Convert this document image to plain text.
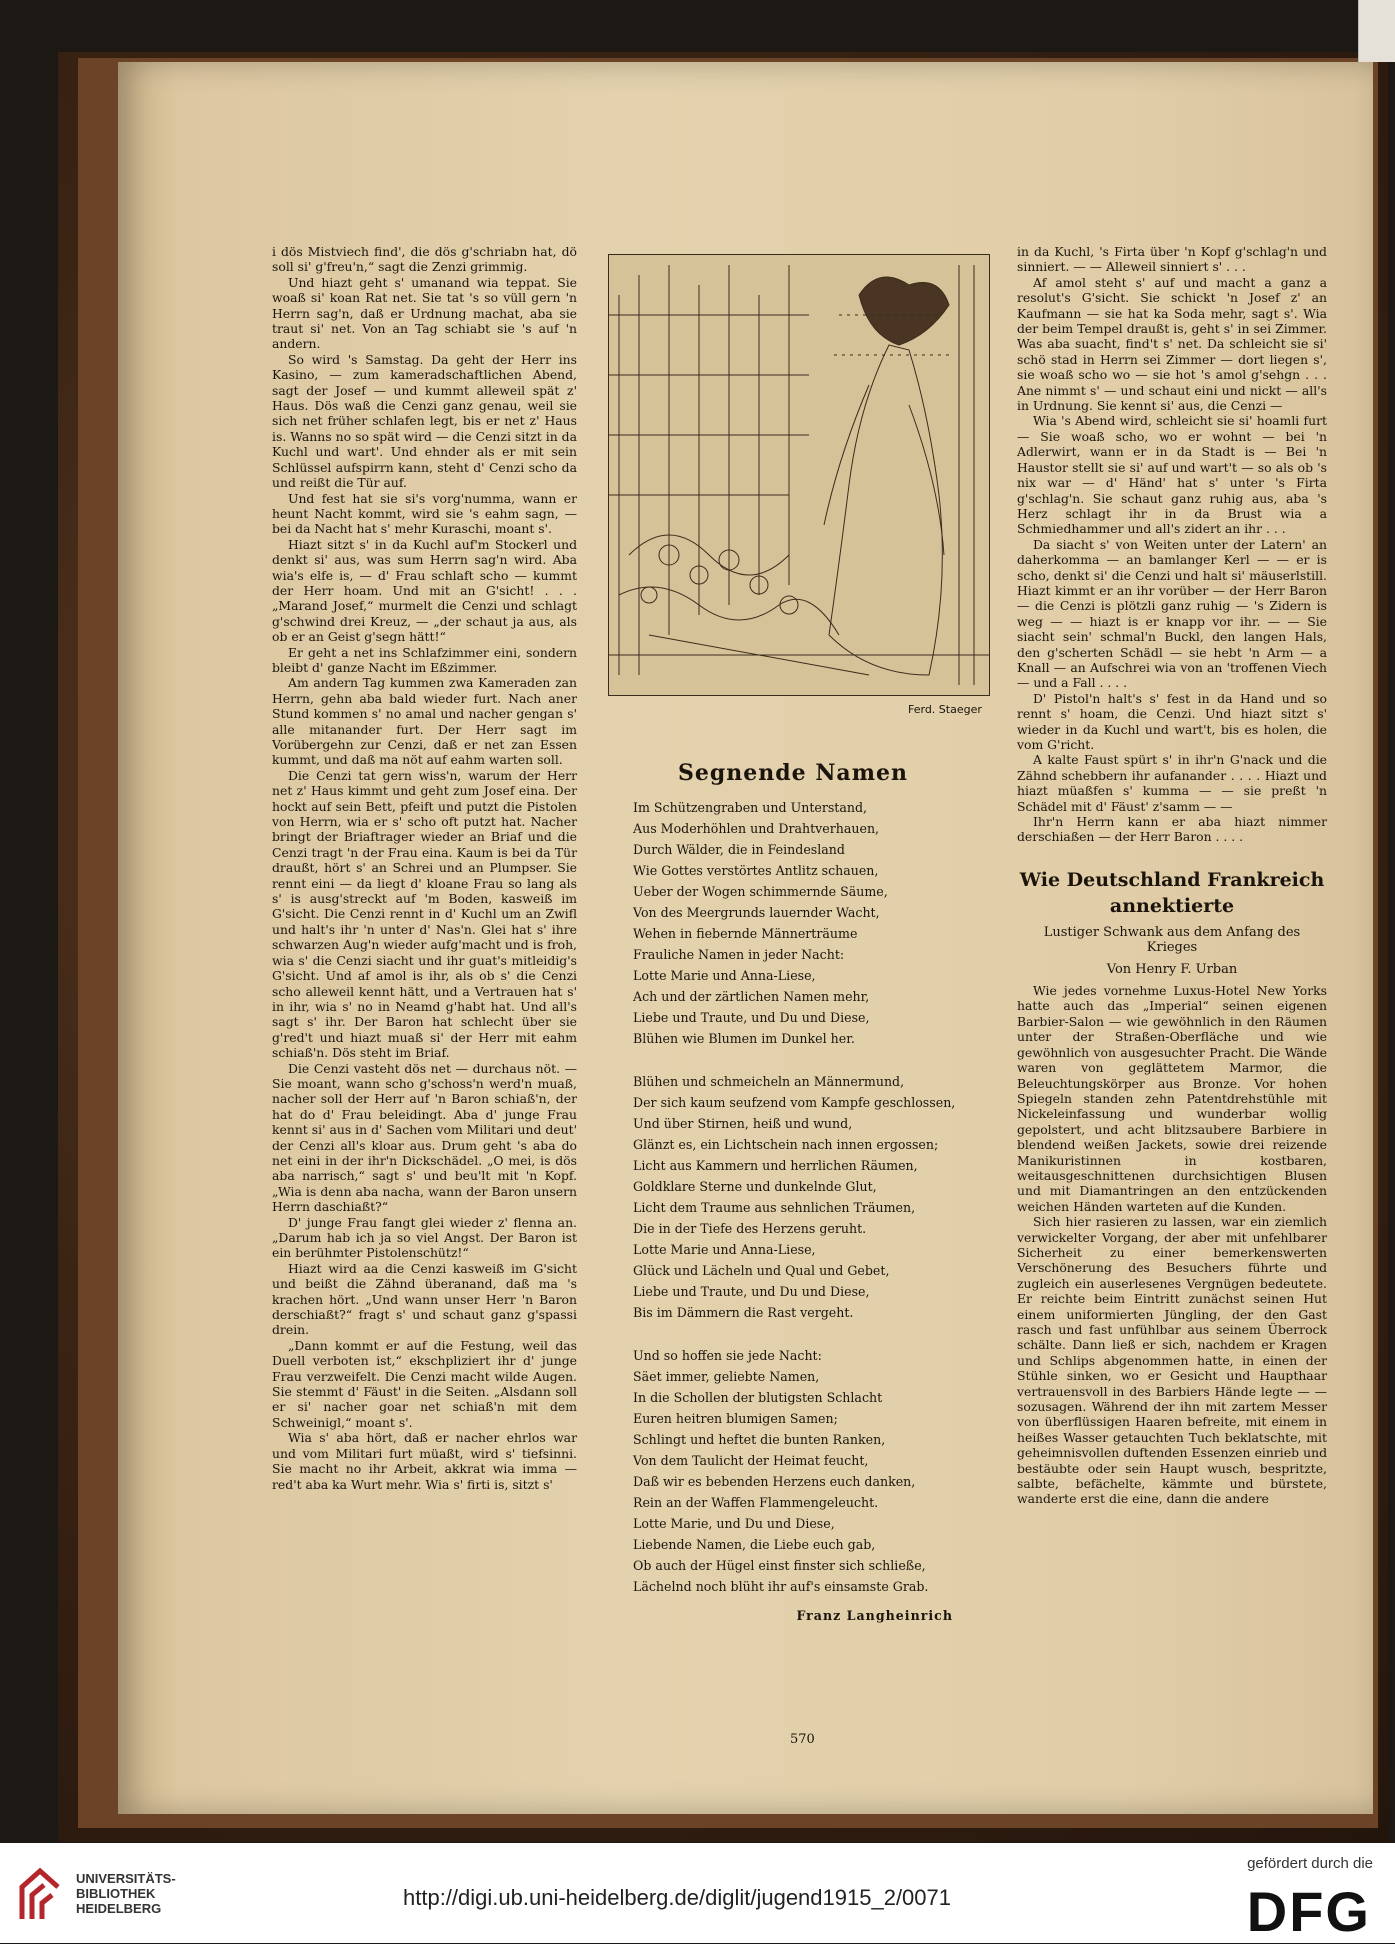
i dös Mistviech find', die dös g'schriabn hat, dö soll si' g'freu'n,“ sagt die Zenzi grimmig.

Und hiazt geht s' umanand wia teppat. Sie woaß si' koan Rat net. Sie tat 's so vüll gern 'n Herrn sag'n, daß er Urdnung machat, aba sie traut si' net. Von an Tag schiabt sie 's auf 'n andern.

So wird 's Samstag. Da geht der Herr ins Kasino, — zum kameradschaftlichen Abend, sagt der Josef — und kummt alleweil spät z' Haus. Dös waß die Cenzi ganz genau, weil sie sich net früher schlafen legt, bis er net z' Haus is. Wanns no so spät wird — die Cenzi sitzt in da Kuchl und wart'. Und ehnder als er mit sein Schlüssel aufspirrn kann, steht d' Cenzi scho da und reißt die Tür auf.

Und fest hat sie si's vorg'numma, wann er heunt Nacht kommt, wird sie 's eahm sagn, — bei da Nacht hat s' mehr Kuraschi, moant s'.

Hiazt sitzt s' in da Kuchl auf'm Stockerl und denkt si' aus, was sum Herrn sag'n wird. Aba wia's elfe is, — d' Frau schlaft scho — kummt der Herr hoam. Und mit an G'sicht! . . . „Marand Josef,“ murmelt die Cenzi und schlagt g'schwind drei Kreuz, — „der schaut ja aus, als ob er an Geist g'segn hätt!“

Er geht a net ins Schlafzimmer eini, sondern bleibt d' ganze Nacht im Eßzimmer.

Am andern Tag kummen zwa Kameraden zan Herrn, gehn aba bald wieder furt. Nach aner Stund kommen s' no amal und nacher gengan s' alle mitanander furt. Der Herr sagt im Vorübergehn zur Cenzi, daß er net zan Essen kummt, und daß ma nöt auf eahm warten soll.

Die Cenzi tat gern wiss'n, warum der Herr net z' Haus kimmt und geht zum Josef eina. Der hockt auf sein Bett, pfeift und putzt die Pistolen von Herrn, wia er s' scho oft putzt hat. Nacher bringt der Briaftrager wieder an Briaf und die Cenzi tragt 'n der Frau eina. Kaum is bei da Tür draußt, hört s' an Schrei und an Plumpser. Sie rennt eini — da liegt d' kloane Frau so lang als s' is ausg'streckt auf 'm Boden, kasweiß im G'sicht. Die Cenzi rennt in d' Kuchl um an Zwifl und halt's ihr 'n unter d' Nas'n. Glei hat s' ihre schwarzen Aug'n wieder aufg'macht und is froh, wia s' die Cenzi siacht und ihr guat's mitleidig's G'sicht. Und af amol is ihr, als ob s' die Cenzi scho alleweil kennt hätt, und a Vertrauen hat s' in ihr, wia s' no in Neamd g'habt hat. Und all's sagt s' ihr. Der Baron hat schlecht über sie g'red't und hiazt muaß si' der Herr mit eahm schiaß'n. Dös steht im Briaf.

Die Cenzi vasteht dös net — durchaus nöt. — Sie moant, wann scho g'schoss'n werd'n muaß, nacher soll der Herr auf 'n Baron schiaß'n, der hat do d' Frau beleidingt. Aba d' junge Frau kennt si' aus in d' Sachen vom Militari und deut' der Cenzi all's kloar aus. Drum geht 's aba do net eini in der ihr'n Dickschädel. „O mei, is dös aba narrisch,“ sagt s' und beu'lt mit 'n Kopf. „Wia is denn aba nacha, wann der Baron unsern Herrn daschiaßt?“

D' junge Frau fangt glei wieder z' flenna an. „Darum hab ich ja so viel Angst. Der Baron ist ein berühmter Pistolenschütz!“

Hiazt wird aa die Cenzi kasweiß im G'sicht und beißt die Zähnd überanand, daß ma 's krachen hört. „Und wann unser Herr 'n Baron derschiaßt?“ fragt s' und schaut ganz g'spassi drein.

„Dann kommt er auf die Festung, weil das Duell verboten ist,“ ekschpliziert ihr d' junge Frau verzweifelt. Die Cenzi macht wilde Augen. Sie stemmt d' Fäust' in die Seiten. „Alsdann soll er si' nacher goar net schiaß'n mit dem Schweinigl,“ moant s'.

Wia s' aba hört, daß er nacher ehrlos war und vom Militari furt müaßt, wird s' tiefsinni. Sie macht no ihr Arbeit, akkrat wia imma — red't aba ka Wurt mehr. Wia s' firti is, sitzt s'

Ferd. Staeger
Segnende Namen
Im Schützengraben und Unterstand,
Aus Moderhöhlen und Drahtverhauen,
Durch Wälder, die in Feindesland
Wie Gottes verstörtes Antlitz schauen,
Ueber der Wogen schimmernde Säume,
Von des Meergrunds lauernder Wacht,
Wehen in fiebernde Männerträume
Frauliche Namen in jeder Nacht:
Lotte Marie und Anna-Liese,
Ach und der zärtlichen Namen mehr,
Liebe und Traute, und Du und Diese,
Blühen wie Blumen im Dunkel her.
Blühen und schmeicheln an Männermund,
Der sich kaum seufzend vom Kampfe geschlossen,
Und über Stirnen, heiß und wund,
Glänzt es, ein Lichtschein nach innen ergossen;
Licht aus Kammern und herrlichen Räumen,
Goldklare Sterne und dunkelnde Glut,
Licht dem Traume aus sehnlichen Träumen,
Die in der Tiefe des Herzens geruht.
Lotte Marie und Anna-Liese,
Glück und Lächeln und Qual und Gebet,
Liebe und Traute, und Du und Diese,
Bis im Dämmern die Rast vergeht.
Und so hoffen sie jede Nacht:
Säet immer, geliebte Namen,
In die Schollen der blutigsten Schlacht
Euren heitren blumigen Samen;
Schlingt und heftet die bunten Ranken,
Von dem Taulicht der Heimat feucht,
Daß wir es bebenden Herzens euch danken,
Rein an der Waffen Flammengeleucht.
Lotte Marie, und Du und Diese,
Liebende Namen, die Liebe euch gab,
Ob auch der Hügel einst finster sich schließe,
Lächelnd noch blüht ihr auf's einsamste Grab.
Franz Langheinrich

in da Kuchl, 's Firta über 'n Kopf g'schlag'n und sinniert. — — Alleweil sinniert s' . . .

Af amol steht s' auf und macht a ganz a resolut's G'sicht. Sie schickt 'n Josef z' an Kaufmann — sie hat ka Soda mehr, sagt s'. Wia der beim Tempel draußt is, geht s' in sei Zimmer. Was aba suacht, find't s' net. Da schleicht sie si' schö stad in Herrn sei Zimmer — dort liegen s', sie woaß scho wo — sie hot 's amol g'sehgn . . . Ane nimmt s' — und schaut eini und nickt — all's in Urdnung. Sie kennt si' aus, die Cenzi —

Wia 's Abend wird, schleicht sie si' hoamli furt — Sie woaß scho, wo er wohnt — bei 'n Adlerwirt, wann er in da Stadt is — Bei 'n Haustor stellt sie si' auf und wart't — so als ob 's nix war — d' Händ' hat s' unter 's Firta g'schlag'n. Sie schaut ganz ruhig aus, aba 's Herz schlagt ihr in da Brust wia a Schmiedhammer und all's zidert an ihr . . .

Da siacht s' von Weiten unter der Latern' an daherkomma — an bamlanger Kerl — — er is scho, denkt si' die Cenzi und halt si' mäuserlstill. Hiazt kimmt er an ihr vorüber — der Herr Baron — die Cenzi is plötzli ganz ruhig — 's Zidern is weg — — hiazt is er knapp vor ihr. — — Sie siacht sein' schmal'n Buckl, den langen Hals, den g'scherten Schädl — sie hebt 'n Arm — a Knall — an Aufschrei wia von an 'troffenen Viech — und a Fall . . . .

D' Pistol'n halt's s' fest in da Hand und so rennt s' hoam, die Cenzi. Und hiazt sitzt s' wieder in da Kuchl und wart't, bis es holen, die vom G'richt.

A kalte Faust spürt s' in ihr'n G'nack und die Zähnd schebbern ihr aufanander . . . . Hiazt und hiazt müaßfen s' kumma — — sie preßt 'n Schädel mit d' Fäust' z'samm — —

Ihr'n Herrn kann er aba hiazt nimmer derschiaßen — der Herr Baron . . . .

Wie Deutschland Frankreich
annektierte
Lustiger Schwank aus dem Anfang des Krieges
Von Henry F. Urban

Wie jedes vornehme Luxus-Hotel New Yorks hatte auch das „Imperial“ seinen eigenen Barbier-Salon — wie gewöhnlich in den Räumen unter der Straßen-Oberfläche und wie gewöhnlich von ausgesuchter Pracht. Die Wände waren von geglättetem Marmor, die Beleuchtungskörper aus Bronze. Vor hohen Spiegeln standen zehn Patentdrehstühle mit Nickeleinfassung und wunderbar wollig gepolstert, und acht blitzsaubere Barbiere in blendend weißen Jackets, sowie drei reizende Manikuristinnen in kostbaren, weitausgeschnittenen durchsichtigen Blusen und mit Diamantringen an den entzückenden weichen Händen warteten auf die Kunden.

Sich hier rasieren zu lassen, war ein ziemlich verwickelter Vorgang, der aber mit unfehlbarer Sicherheit zu einer bemerkenswerten Verschönerung des Besuchers führte und zugleich ein auserlesenes Vergnügen bedeutete. Er reichte beim Eintritt zunächst seinen Hut einem uniformierten Jüngling, der den Gast rasch und fast unfühlbar aus seinem Überrock schälte. Dann ließ er sich, nachdem er Kragen und Schlips abgenommen hatte, in einen der Stühle sinken, wo er Gesicht und Haupthaar vertrauensvoll in des Barbiers Hände legte — — sozusagen. Während der ihn mit zartem Messer von überflüssigen Haaren befreite, mit einem in heißes Wasser getauchten Tuch beklatschte, mit geheimnisvollen duftenden Essenzen einrieb und bestäubte oder sein Haupt wusch, bespritzte, salbte, befächelte, kämmte und bürstete, wanderte erst die eine, dann die andere

570
UNIVERSITÄTS-
BIBLIOTHEK
HEIDELBERG	http://digi.ub.uni-heidelberg.de/diglit/jugend1915_2/0071
gefördert durch die
DFG
